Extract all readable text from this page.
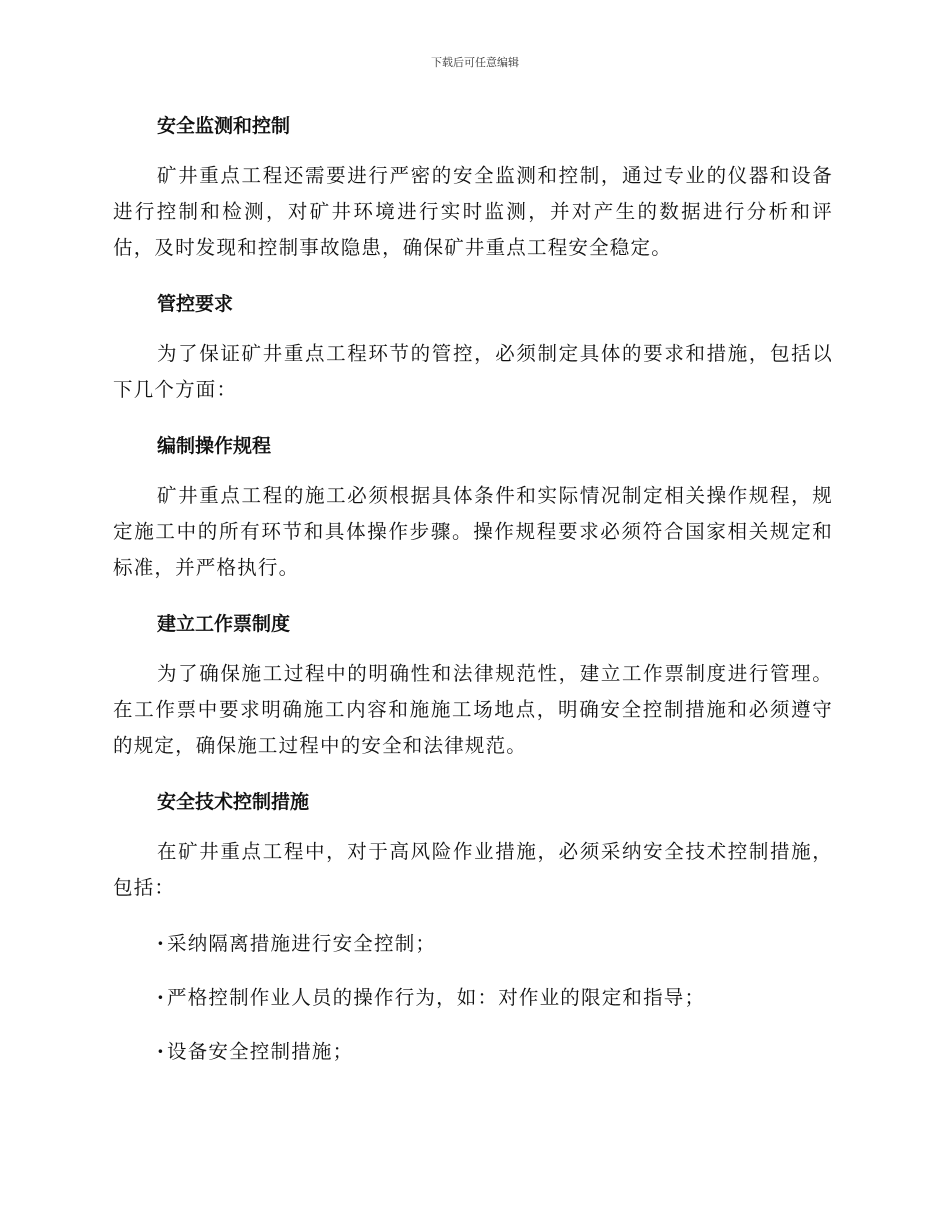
下载后可任意编辑
安全监测和控制

矿井重点工程还需要进行严密的安全监测和控制，通过专业的仪器和设备进行控制和检测，对矿井环境进行实时监测，并对产生的数据进行分析和评估，及时发现和控制事故隐患，确保矿井重点工程安全稳定。

管控要求

为了保证矿井重点工程环节的管控，必须制定具体的要求和措施，包括以下几个方面：

编制操作规程

矿井重点工程的施工必须根据具体条件和实际情况制定相关操作规程，规定施工中的所有环节和具体操作步骤。操作规程要求必须符合国家相关规定和标准，并严格执行。

建立工作票制度

为了确保施工过程中的明确性和法律规范性，建立工作票制度进行管理。在工作票中要求明确施工内容和施施工场地点，明确安全控制措施和必须遵守的规定，确保施工过程中的安全和法律规范。

安全技术控制措施

在矿井重点工程中，对于高风险作业措施，必须采纳安全技术控制措施，包括：

· 采纳隔离措施进行安全控制；
· 严格控制作业人员的操作行为，如：对作业的限定和指导；
· 设备安全控制措施；
